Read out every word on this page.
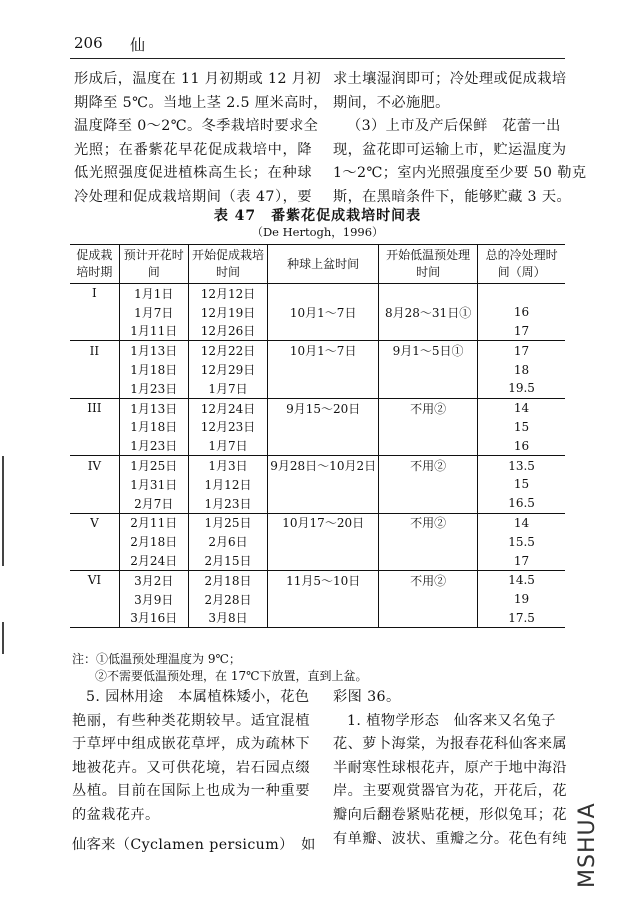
206 仙
形成后，温度在 11 月初期或 12 月初
期降至 5℃。当地上茎 2.5 厘米高时，
温度降至 0～2℃。冬季栽培时要求全
光照；在番紫花早花促成栽培中，降
低光照强度促进植株高生长；在种球
冷处理和促成栽培期间（表 47），要
求土壤湿润即可；冷处理或促成栽培
期间，不必施肥。
（3）上市及产后保鲜　花蕾一出
现，盆花即可运输上市，贮运温度为
1～2℃；室内光照强度至少要 50 勒克
斯，在黑暗条件下，能够贮藏 3 天。
表 47　番紫花促成栽培时间表
（De Hertogh，1996）
促成栽培时期	预计开花时间	开始促成栽培时间	种球上盆时间	开始低温预处理时间	总的冷处理时间（周）
I	1月1日	12月12日			
	1月7日	12月19日	10月1～7日	8月28～31日①	16
	1月11日	12月26日			17
II	1月13日	12月22日	10月1～7日	9月1～5日①	17
	1月18日	12月29日			18
	1月23日	1月7日			19.5
III	1月13日	12月24日	9月15～20日	不用②	14
	1月18日	12月23日			15
	1月23日	1月7日			16
IV	1月25日	1月3日	9月28日～10月2日	不用②	13.5
	1月31日	1月12日			15
	2月7日	1月23日			16.5
V	2月11日	1月25日	10月17～20日	不用②	14
	2月18日	2月6日			15.5
	2月24日	2月15日			17
VI	3月2日	2月18日	11月5～10日	不用②	14.5
	3月9日	2月28日			19
	3月16日	3月8日			17.5
注：①低温预处理温度为 9℃；
②不需要低温预处理，在 17℃下放置，直到上盆。
5. 园林用途　本属植株矮小，花色
艳丽，有些种类花期较早。适宜混植
于草坪中组成嵌花草坪，成为疏林下
地被花卉。又可供花境，岩石园点缀
丛植。目前在国际上也成为一种重要
的盆栽花卉。
仙客来（Cyclamen persicum）　如
彩图 36。
1. 植物学形态　仙客来又名兔子
花、萝卜海棠，为报春花科仙客来属
半耐寒性球根花卉，原产于地中海沿
岸。主要观赏器官为花，开花后，花
瓣向后翻卷紧贴花梗，形似兔耳；花
有单瓣、波状、重瓣之分。花色有纯 MSHUA
